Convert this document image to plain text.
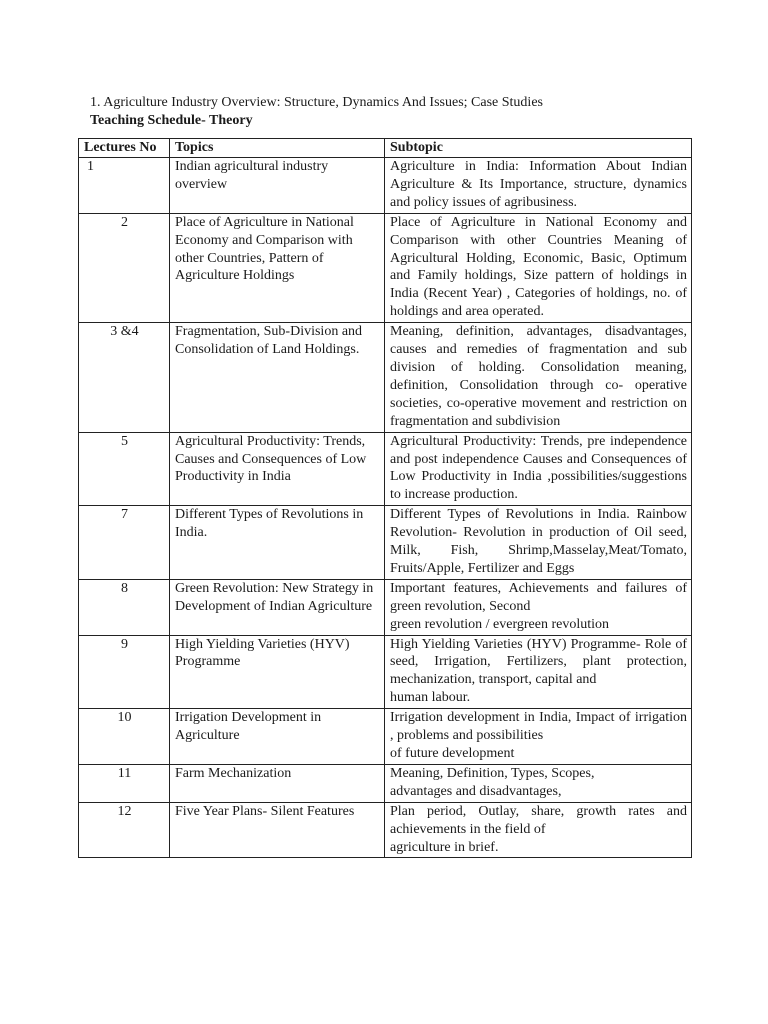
1. Agriculture Industry Overview: Structure, Dynamics And Issues; Case Studies
Teaching Schedule- Theory
Lectures No	Topics	Subtopic
1	Indian agricultural industry overview	Agriculture in India: Information About Indian Agriculture & Its Importance, structure, dynamics and policy issues of agribusiness.
2	Place of Agriculture in National Economy and Comparison with other Countries, Pattern of Agriculture Holdings	Place of Agriculture in National Economy and Comparison with other Countries Meaning of Agricultural Holding, Economic, Basic, Optimum and Family holdings, Size pattern of holdings in India (Recent Year) , Categories of holdings, no. of holdings and area operated.
3 &4	Fragmentation, Sub-Division and Consolidation of Land Holdings.	Meaning, definition, advantages, disadvantages, causes and remedies of fragmentation and sub division of holding. Consolidation meaning, definition, Consolidation through co- operative societies, co-operative movement and restriction on fragmentation and subdivision
5	Agricultural Productivity: Trends, Causes and Consequences of Low Productivity in India	Agricultural Productivity: Trends, pre independence and post independence Causes and Consequences of Low Productivity in India ,possibilities/suggestions to increase production.
7	Different Types of Revolutions in India.	Different Types of Revolutions in India. Rainbow Revolution- Revolution in production of Oil seed, Milk, Fish, Shrimp,Masselay,Meat/Tomato, Fruits/Apple, Fertilizer and Eggs
8	Green Revolution: New Strategy in Development of Indian Agriculture	Important features, Achievements and failures of green revolution, Second
green revolution / evergreen revolution

9	High Yielding Varieties (HYV) Programme	High Yielding Varieties (HYV) Programme- Role of seed, Irrigation, Fertilizers, plant protection, mechanization, transport, capital and
human labour.

10	Irrigation Development in Agriculture	Irrigation development in India, Impact of irrigation , problems and possibilities
of future development

11	Farm Mechanization	Meaning, Definition, Types, Scopes,
advantages and disadvantages,

12	Five Year Plans- Silent Features	Plan period, Outlay, share, growth rates and achievements in the field of
agriculture in brief.
